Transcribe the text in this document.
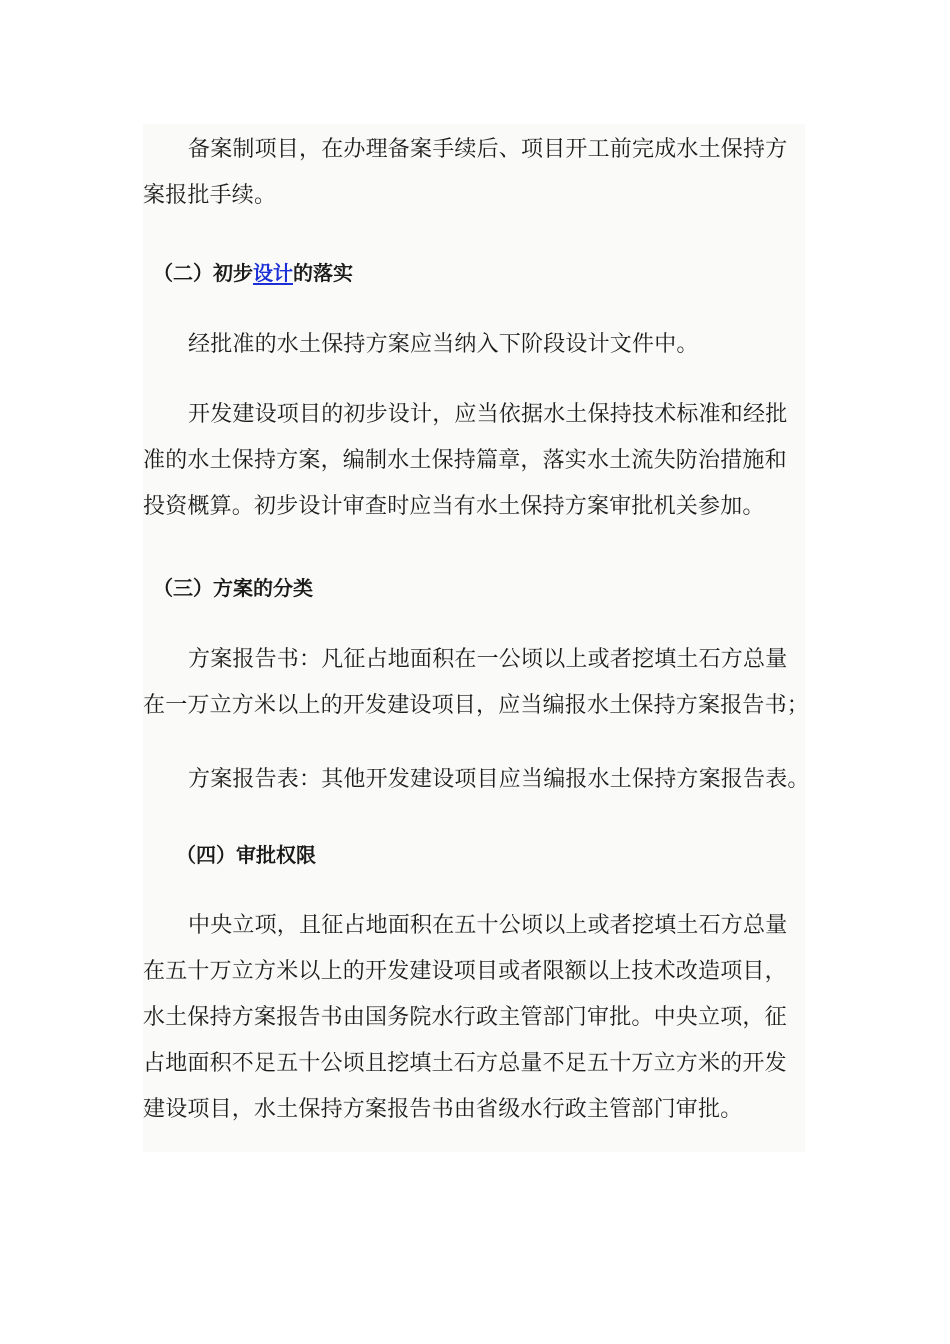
备案制项目，在办理备案手续后、项目开工前完成水土保持方
案报批手续。
（二）初步设计的落实
经批准的水土保持方案应当纳入下阶段设计文件中。
开发建设项目的初步设计，应当依据水土保持技术标准和经批
准的水土保持方案，编制水土保持篇章，落实水土流失防治措施和
投资概算。初步设计审查时应当有水土保持方案审批机关参加。
（三）方案的分类
方案报告书：凡征占地面积在一公顷以上或者挖填土石方总量
在一万立方米以上的开发建设项目，应当编报水土保持方案报告书；
方案报告表：其他开发建设项目应当编报水土保持方案报告表。
（四）审批权限
中央立项，且征占地面积在五十公顷以上或者挖填土石方总量
在五十万立方米以上的开发建设项目或者限额以上技术改造项目，
水土保持方案报告书由国务院水行政主管部门审批。中央立项，征
占地面积不足五十公顷且挖填土石方总量不足五十万立方米的开发
建设项目，水土保持方案报告书由省级水行政主管部门审批。
